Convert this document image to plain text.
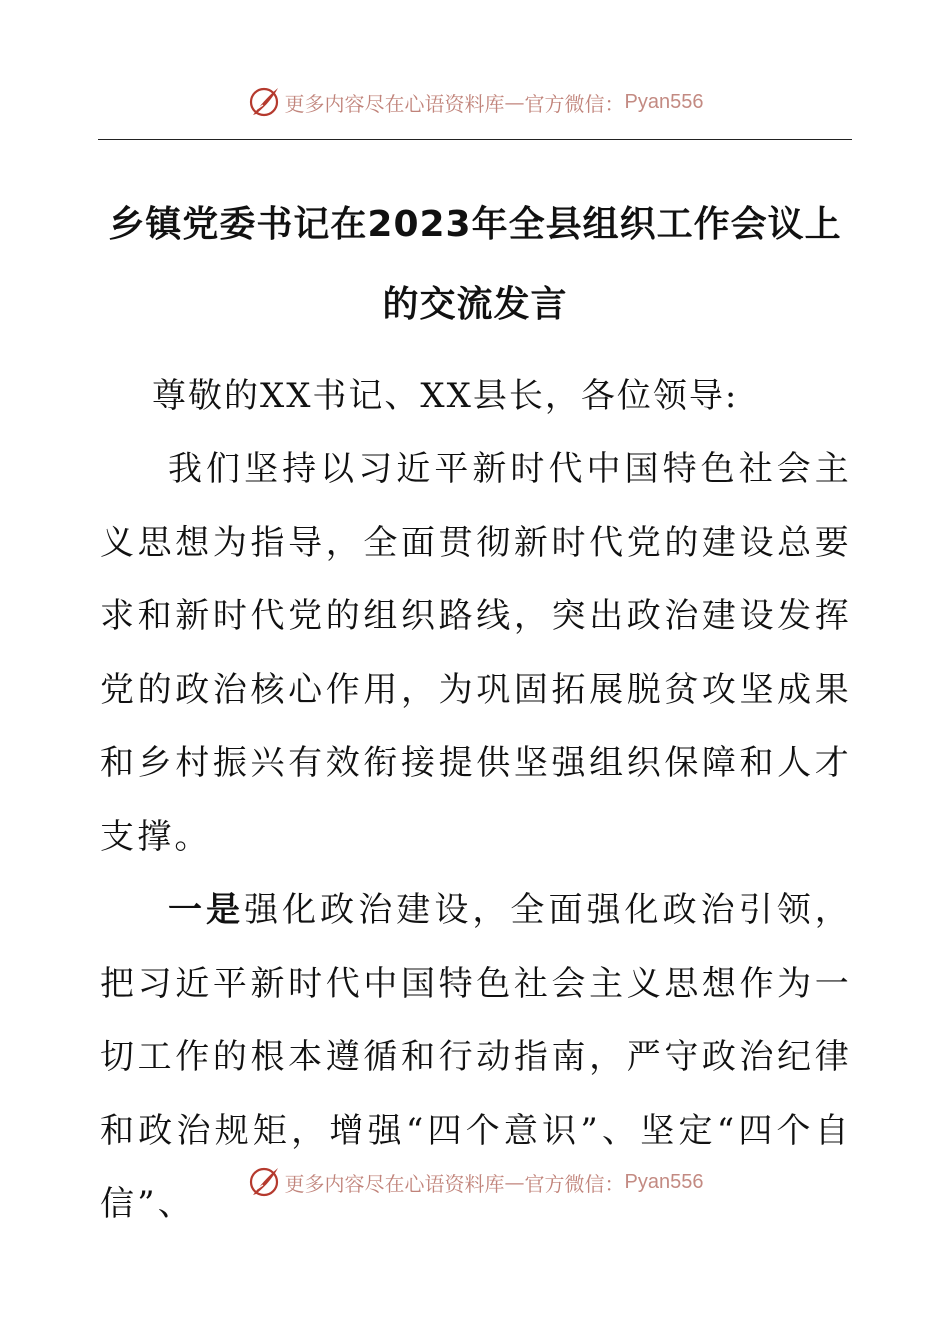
更多内容尽在心语资料库 — 官方微信： Pyan556
乡镇党委书记在2023年全县组织工作会议上的交流发言
尊敬的XX书记、XX县长，各位领导:

我们坚持以习近平新时代中国特色社会主义思想为指导，全面贯彻新时代党的建设总要求和新时代党的组织路线，突出政治建设发挥党的政治核心作用，为巩固拓展脱贫攻坚成果和乡村振兴有效衔接提供坚强组织保障和人才支撑。

一是强化政治建设，全面强化政治引领，把习近平新时代中国特色社会主义思想作为一切工作的根本遵循和行动指南，严守政治纪律和政治规矩，增强“四个意识”、坚定“四个自信”、

更多内容尽在心语资料库 — 官方微信： Pyan556
